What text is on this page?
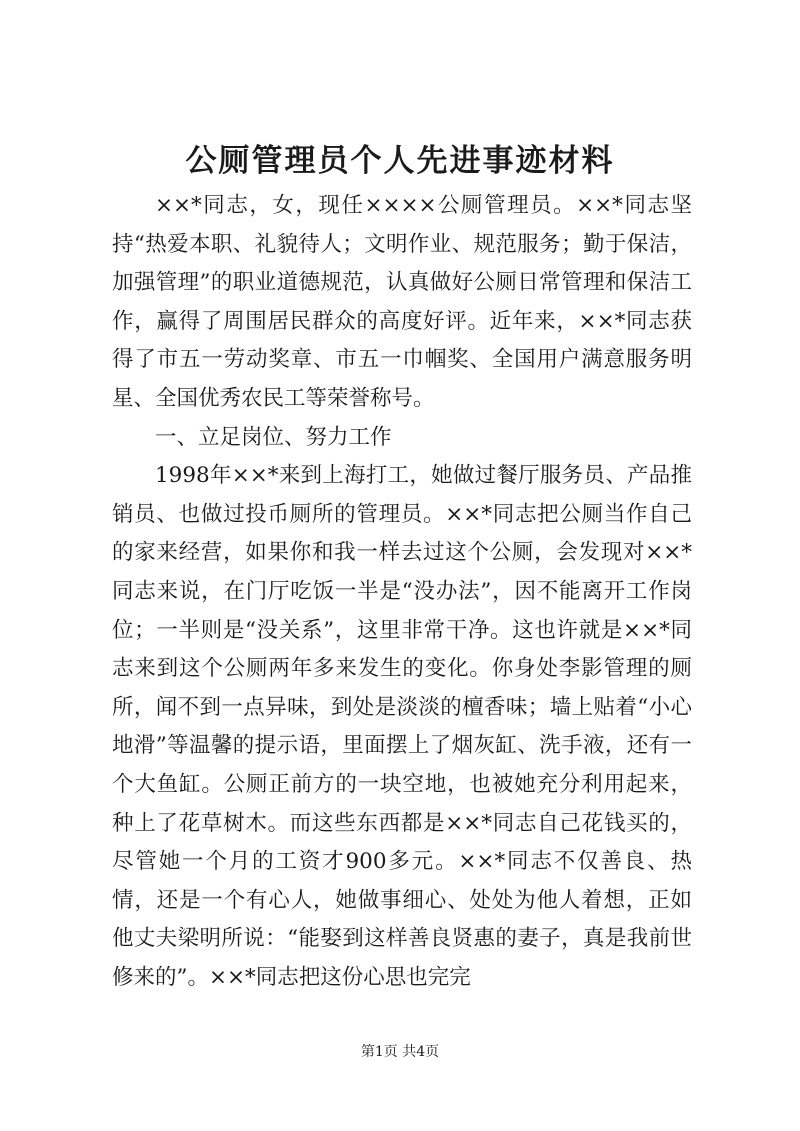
公厕管理员个人先进事迹材料

××*同志，女，现任××××公厕管理员。××*同志坚持“热爱本职、礼貌待人；文明作业、规范服务；勤于保洁，加强管理”的职业道德规范，认真做好公厕日常管理和保洁工作，赢得了周围居民群众的高度好评。近年来，××*同志获得了市五一劳动奖章、市五一巾帼奖、全国用户满意服务明星、全国优秀农民工等荣誉称号。

一、立足岗位、努力工作

1998年××*来到上海打工，她做过餐厅服务员、产品推销员、也做过投币厕所的管理员。××*同志把公厕当作自己的家来经营，如果你和我一样去过这个公厕，会发现对××*同志来说，在门厅吃饭一半是“没办法”，因不能离开工作岗位；一半则是“没关系”，这里非常干净。这也许就是××*同志来到这个公厕两年多来发生的变化。你身处李影管理的厕所，闻不到一点异味，到处是淡淡的檀香味；墙上贴着“小心地滑”等温馨的提示语，里面摆上了烟灰缸、洗手液，还有一个大鱼缸。公厕正前方的一块空地，也被她充分利用起来，种上了花草树木。而这些东西都是××*同志自己花钱买的，尽管她一个月的工资才900多元。××*同志不仅善良、热情，还是一个有心人，她做事细心、处处为他人着想，正如他丈夫梁明所说：“能娶到这样善良贤惠的妻子，真是我前世修来的”。××*同志把这份心思也完完

第1页 共4页
